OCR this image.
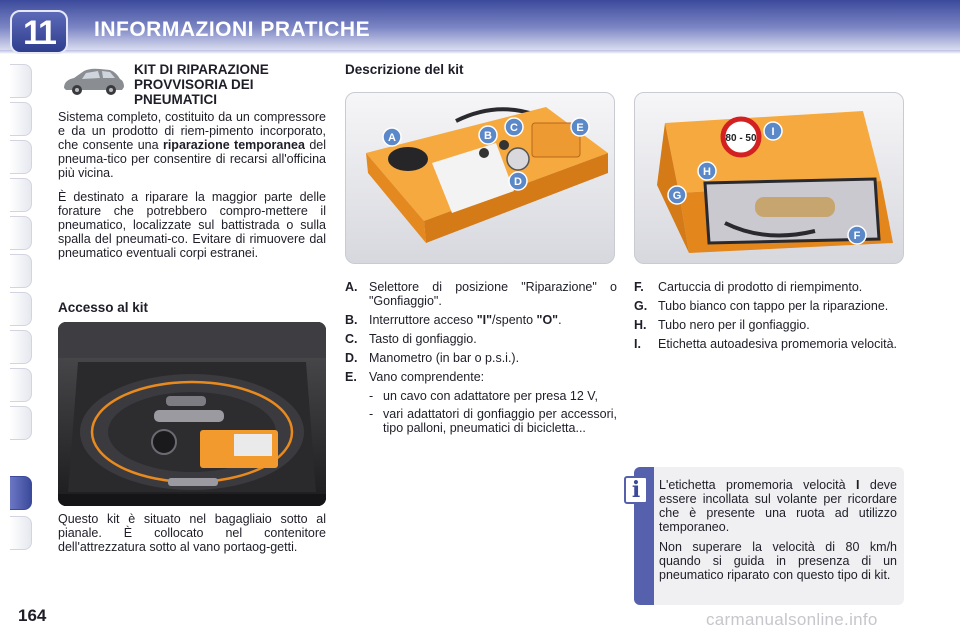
11	INFORMAZIONI PRATICHE
KIT DI RIPARAZIONE PROVVISORIA DEI PNEUMATICI
Sistema completo, costituito da un compressore e da un prodotto di riem-pimento incorporato, che consente una riparazione temporanea del pneuma-tico per consentire di recarsi all'officina più vicina.
È destinato a riparare la maggior parte delle forature che potrebbero compro-mettere il pneumatico, localizzate sul battistrada o sulla spalla del pneumati-co. Evitare di rimuovere dal pneumatico eventuali corpi estranei.
Accesso al kit
Questo kit è situato nel bagagliaio sotto al pianale. È collocato nel contenitore dell'attrezzatura sotto al vano portaog-getti.
Descrizione del kit
A	B
C
D
E
80 - 50
F
G
H
I
A. Selettore di posizione "Riparazione" o "Gonfiaggio".
B. Interruttore acceso "I"/spento "O".
C. Tasto di gonfiaggio.
D. Manometro (in bar o p.s.i.).
E. Vano comprendente:
- un cavo con adattatore per presa 12 V,
- vari adattatori di gonfiaggio per accessori, tipo palloni, pneumatici di bicicletta...
F. Cartuccia di prodotto di riempimento.
G. Tubo bianco con tappo per la riparazione.
H. Tubo nero per il gonfiaggio.
I. Etichetta autoadesiva promemoria velocità.
i	L'etichetta promemoria velocità I deve essere incollata sul volante per ricordare che è presente una ruota ad utilizzo temporaneo.

Non superare la velocità di 80 km/h quando si guida in presenza di un pneumatico riparato con questo tipo di kit.

164	carmanualsonline.info
